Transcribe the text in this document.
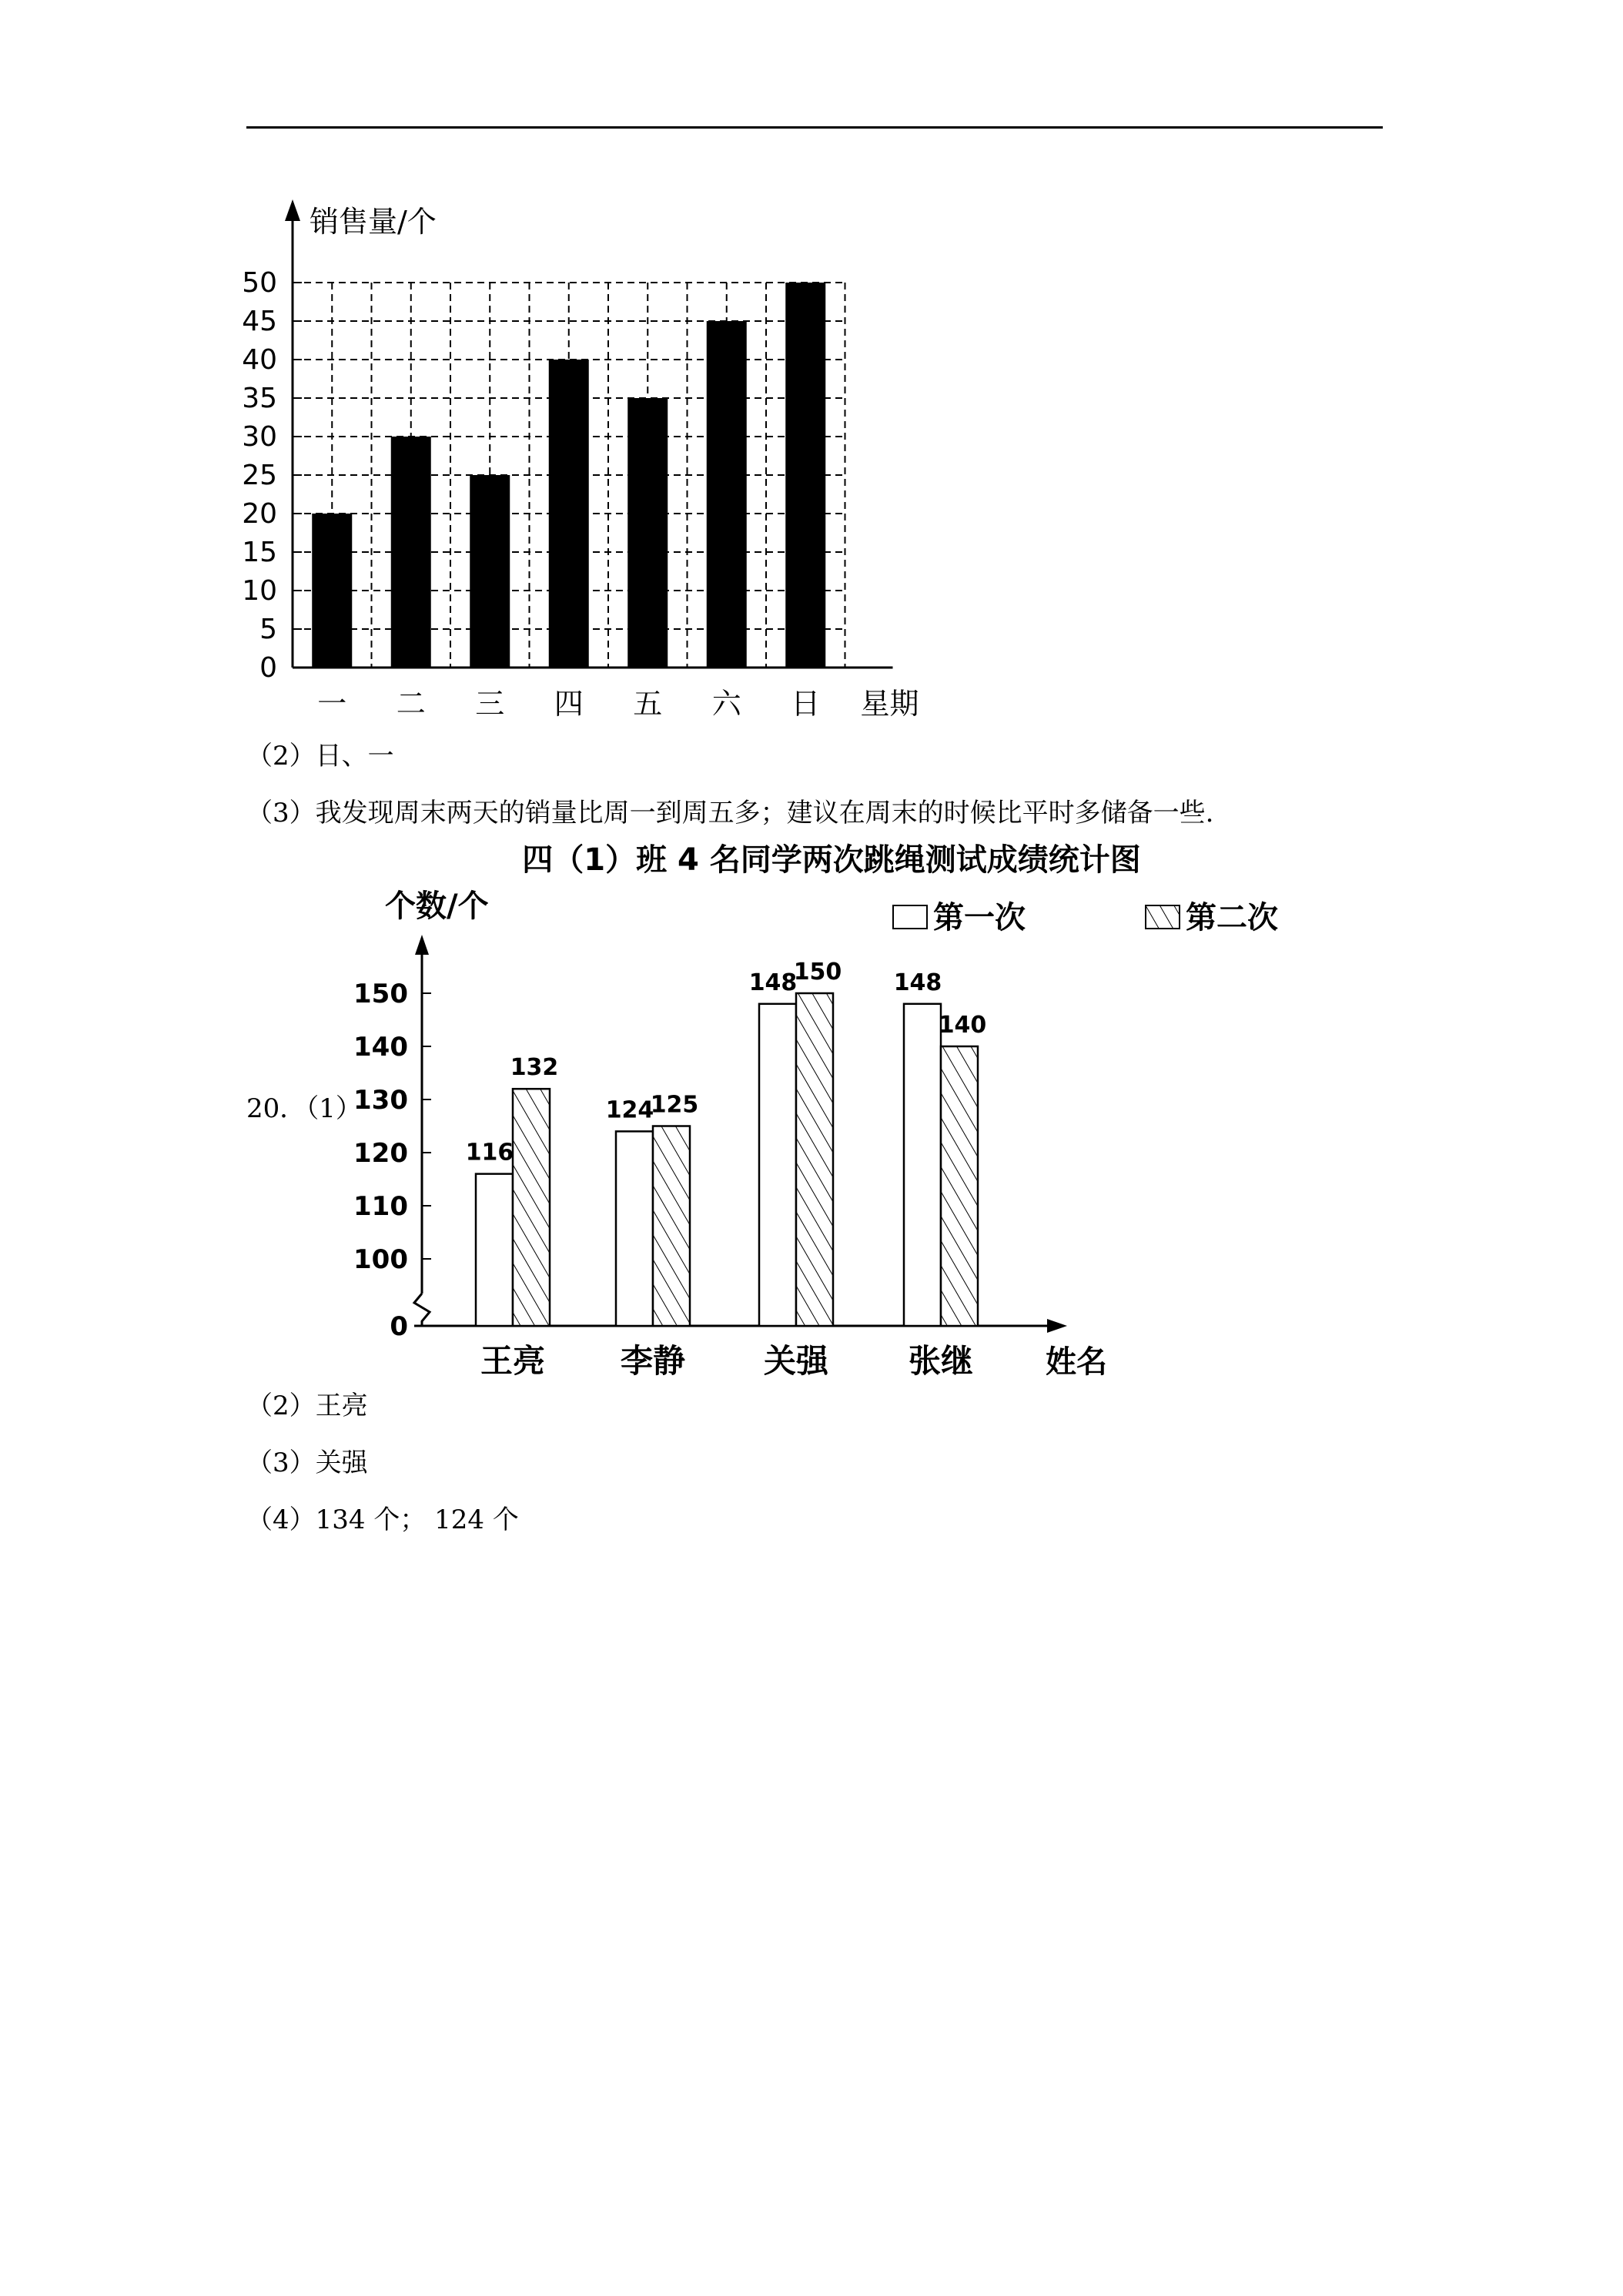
0
5
10
15
20
25
30
35
40
45
50
一 二 三 四 五 六 日
销售量/个
星期
（2）日、一
（3）我发现周末两天的销量比周一到周五多；建议在周末的时候比平时多储备一些.
四（1）班 4 名同学两次跳绳测试成绩统计图
个数/个	第一次	第二次
姓名
0
100
110
120
130
140
150
116
132
王亮
124
125
李静
148
150
关强
148
140
张继
20．（1）
（2）王亮
（3）关强
（4）134 个； 124 个
